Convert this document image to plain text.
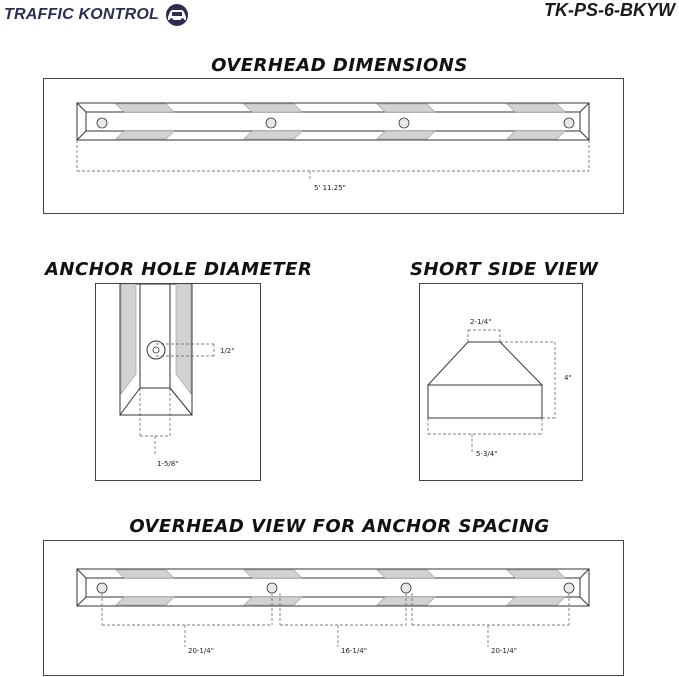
TRAFFIC KONTROL	TK-PS-6-BKYW
OVERHEAD DIMENSIONS
5' 11.25"
ANCHOR HOLE DIAMETER
1/2"
1-5/8"
SHORT SIDE VIEW
2-1/4"
4"
5-3/4"
OVERHEAD VIEW FOR ANCHOR SPACING
20-1/4"	16-1/4"	20-1/4"
